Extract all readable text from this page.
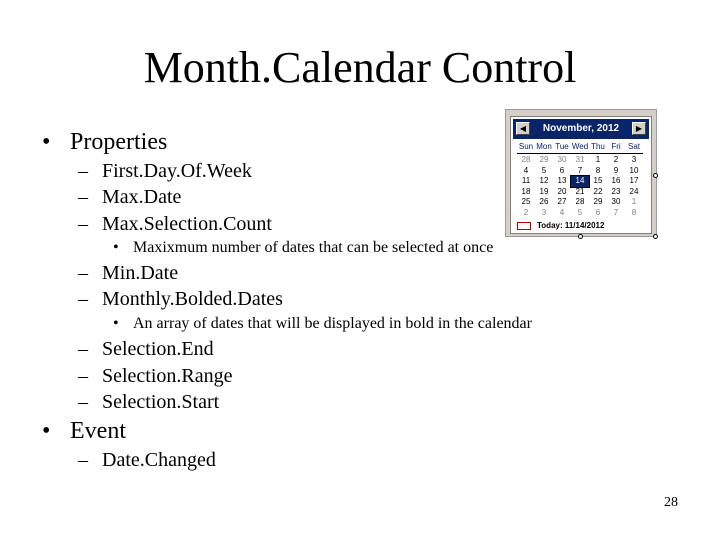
Month.Calendar Control
• Properties
– First.Day.Of.Week
– Max.Date
– Max.Selection.Count
• Maxixmum number of dates that can be selected at once
– Min.Date
– Monthly.Bolded.Dates
• An array of dates that will be displayed in bold in the calendar
– Selection.End
– Selection.Range
– Selection.Start
• Event
– Date.Changed
◀	November, 2012	▶
Sun Mon Tue Wed Thu Fri Sat
28	29	30	31	1	2	3
4	5	6	7	8	9	10
11	12	13	14	15	16	17
18	19	20	21	22	23	24
25	26	27	28	29	30	1
2	3	4	5	6	7	8
Today: 11/14/2012
28
